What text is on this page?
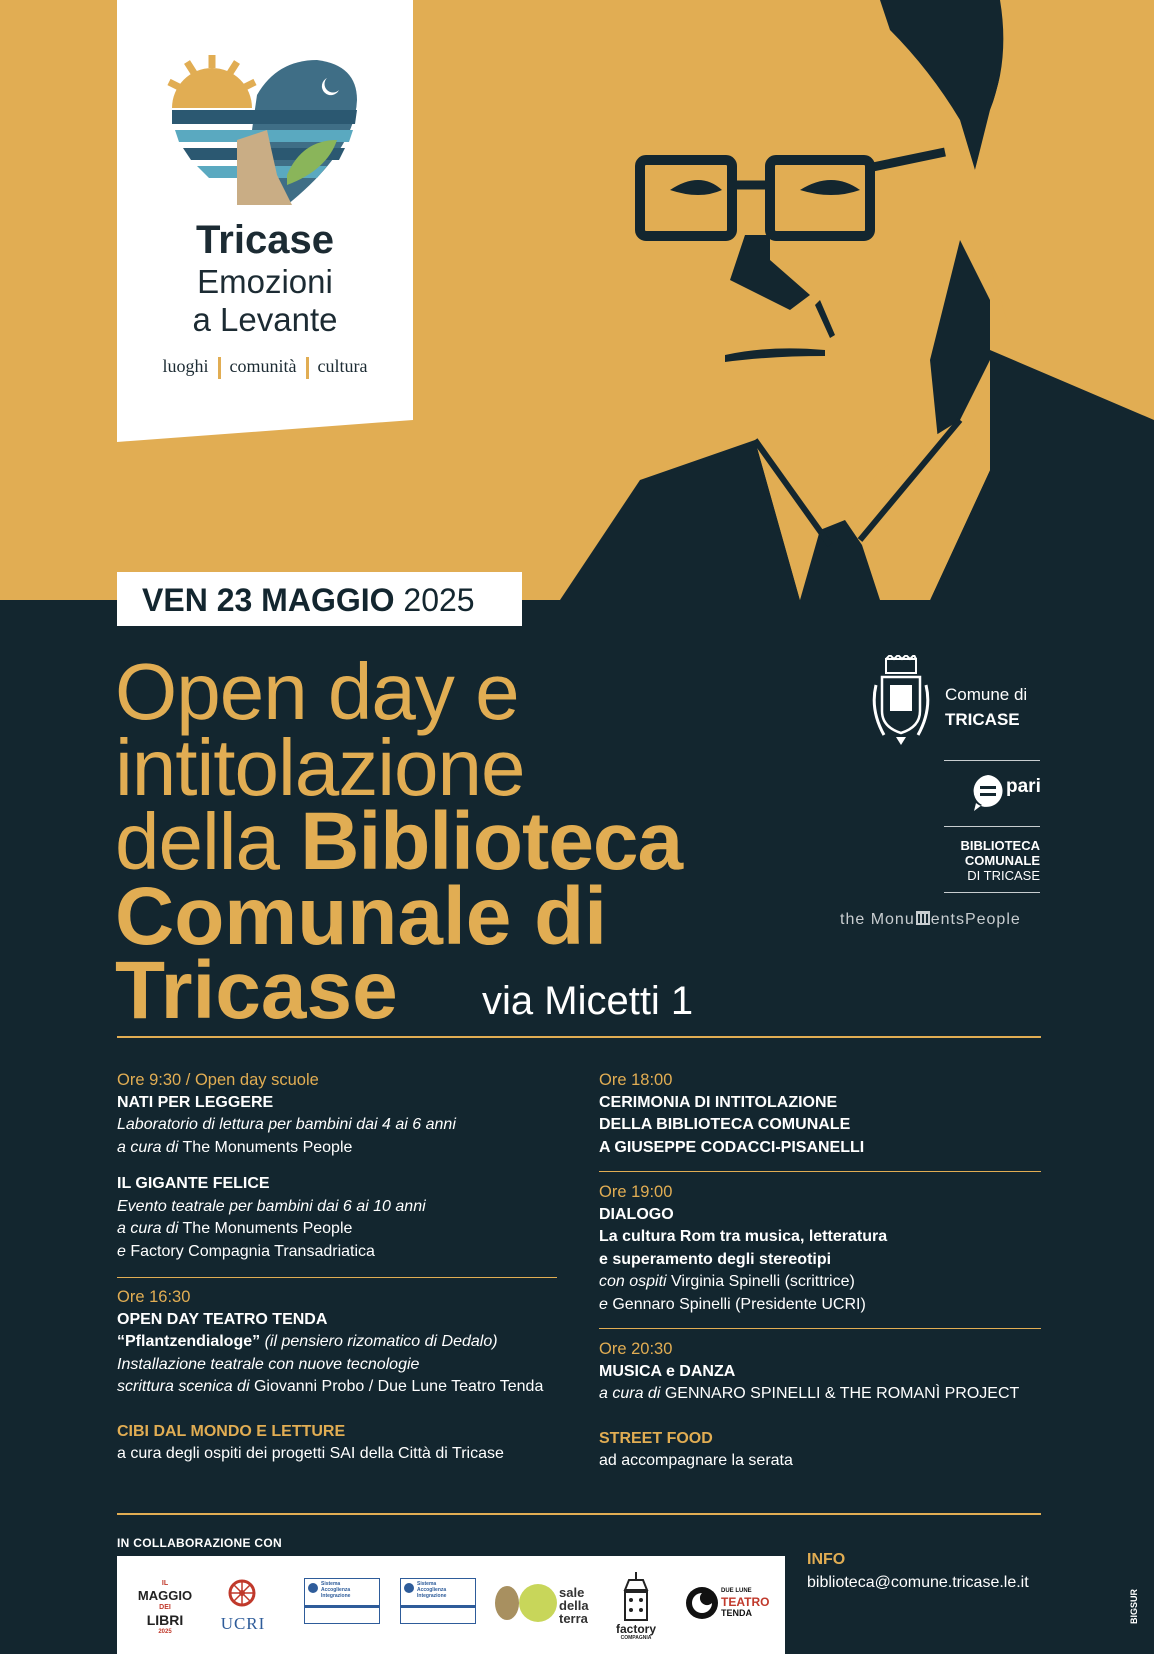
Tricase
Emozioni
a Levante
luoghi comunità cultura
VEN 23 MAGGIO 2025
Open day e
intitolazione
della Biblioteca
Comunale di
Tricase via Micetti 1
Comune di
TRICASE
pari
BIBLIOTECA
COMUNALE
DI TRICASE
the Monu entsPeople
Ore 9:30 / Open day scuole
NATI PER LEGGERE
Laboratorio di lettura per bambini dai 4 ai 6 anni
a cura di The Monuments People
IL GIGANTE FELICE
Evento teatrale per bambini dai 6 ai 10 anni
a cura di The Monuments People
e Factory Compagnia Transadriatica
Ore 16:30
OPEN DAY TEATRO TENDA
“Pflantzendialoge” (il pensiero rizomatico di Dedalo)
Installazione teatrale con nuove tecnologie
scrittura scenica di Giovanni Probo / Due Lune Teatro Tenda
CIBI DAL MONDO E LETTURE
a cura degli ospiti dei progetti SAI della Città di Tricase
Ore 18:00
CERIMONIA DI INTITOLAZIONE
DELLA BIBLIOTECA COMUNALE
A GIUSEPPE CODACCI-PISANELLI
Ore 19:00
DIALOGO
La cultura Rom tra musica, letteratura
e superamento degli stereotipi
con ospiti Virginia Spinelli (scrittrice)
e Gennaro Spinelli (Presidente UCRI)
Ore 20:30
MUSICA e DANZA
a cura di GENNARO SPINELLI & THE ROMANÌ PROJECT
STREET FOOD
ad accompagnare la serata
IN COLLABORAZIONE CON
IL
MAGGIO
DEI
LIBRI
2025	UCRI
Sistema
Accoglienza
Integrazione
Sistema
Accoglienza
Integrazione	sale
della
terra
factory
COMPAGNIA
DUE LUNE
TEATRO
TENDA
INFO
biblioteca@comune.tricase.le.it
BIGSUR
